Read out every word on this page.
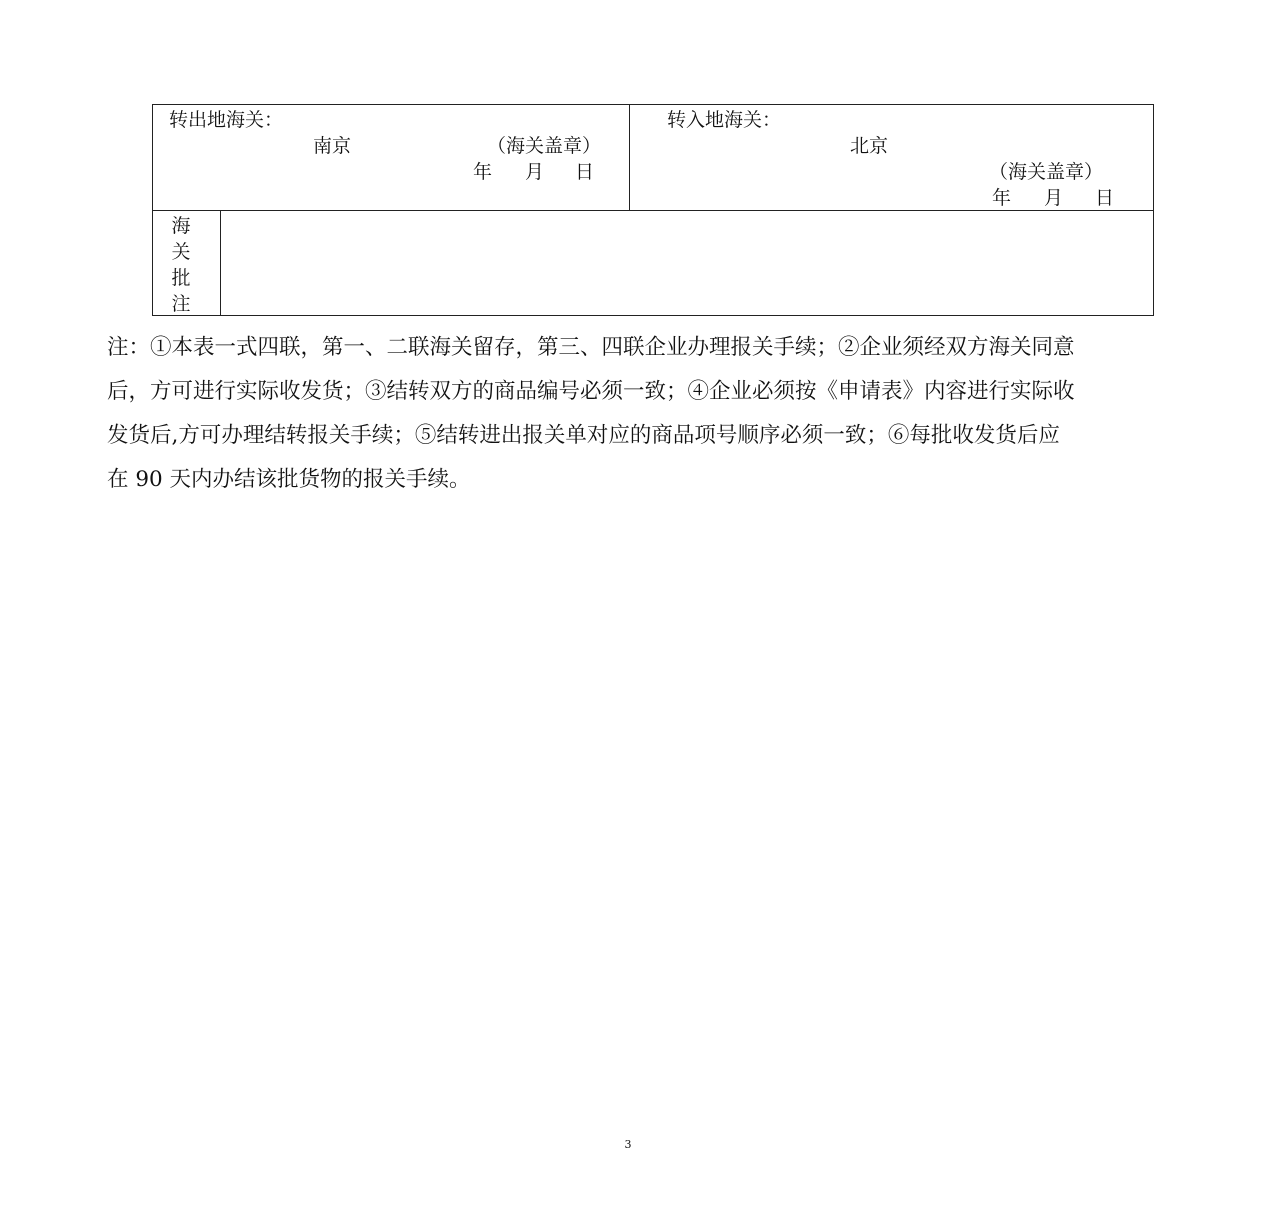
转出地海关：
南京	（海关盖章）
年 月 日
转入地海关：
北京
（海关盖章）
年 月 日
海
关
批
注
注：①本表一式四联，第一、二联海关留存，第三、四联企业办理报关手续；②企业须经双方海关同意
后，方可进行实际收发货；③结转双方的商品编号必须一致；④企业必须按《申请表》内容进行实际收
发货后,方可办理结转报关手续；⑤结转进出报关单对应的商品项号顺序必须一致；⑥每批收发货后应
在 90 天内办结该批货物的报关手续。
3
